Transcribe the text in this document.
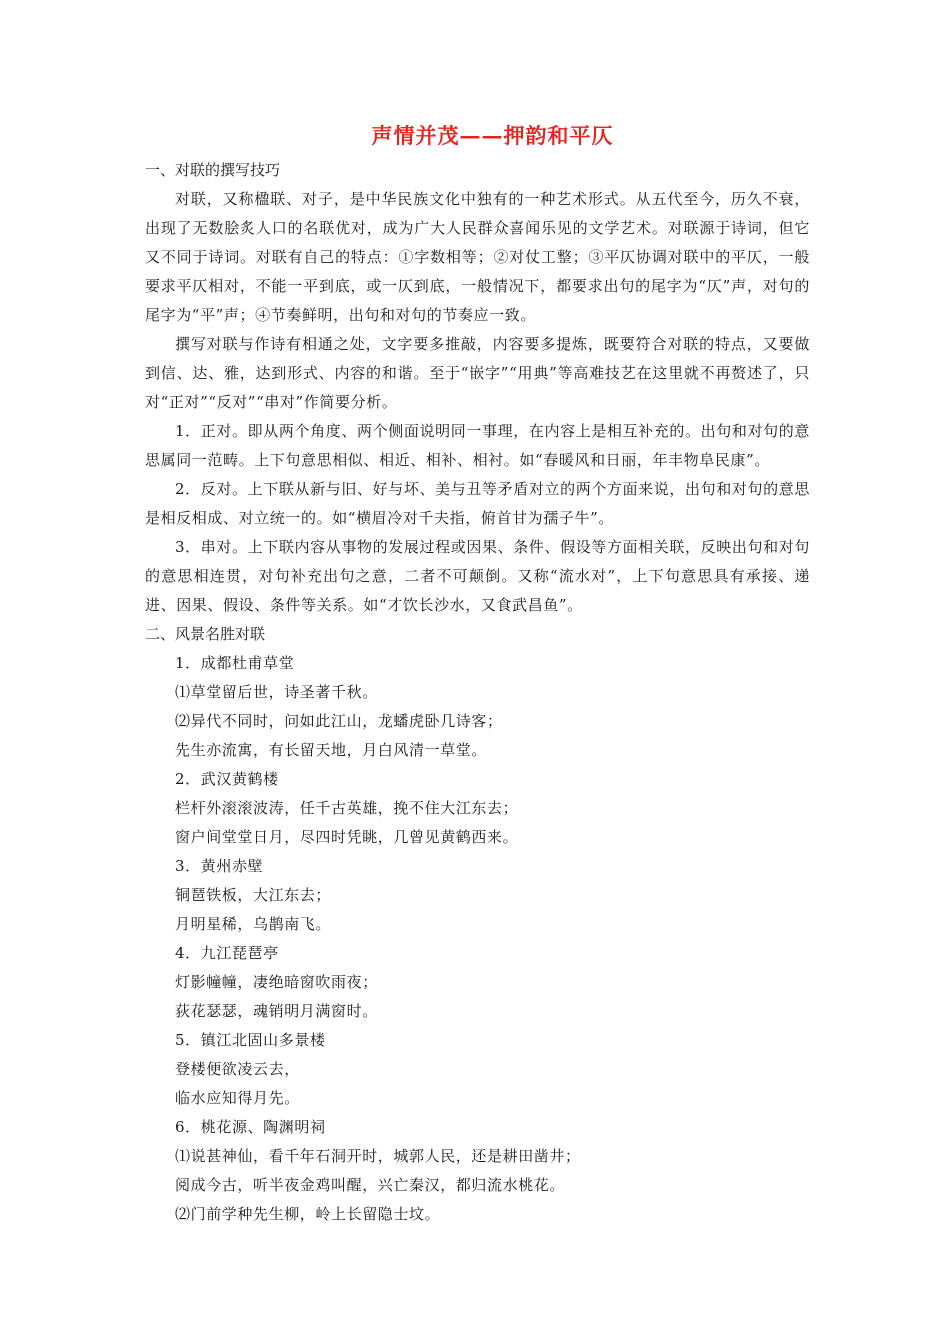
声情并茂——押韵和平仄

一、对联的撰写技巧

对联，又称楹联、对子，是中华民族文化中独有的一种艺术形式。从五代至今，历久不衰，出现了无数脍炙人口的名联优对，成为广大人民群众喜闻乐见的文学艺术。对联源于诗词，但它又不同于诗词。对联有自己的特点：①字数相等；②对仗工整；③平仄协调对联中的平仄，一般要求平仄相对，不能一平到底，或一仄到底，一般情况下，都要求出句的尾字为“仄”声，对句的尾字为“平”声；④节奏鲜明，出句和对句的节奏应一致。

撰写对联与作诗有相通之处，文字要多推敲，内容要多提炼，既要符合对联的特点，又要做到信、达、雅，达到形式、内容的和谐。至于“嵌字”“用典”等高难技艺在这里就不再赘述了，只对“正对”“反对”“串对”作简要分析。

1．正对。即从两个角度、两个侧面说明同一事理，在内容上是相互补充的。出句和对句的意思属同一范畴。上下句意思相似、相近、相补、相衬。如“春暖风和日丽，年丰物阜民康”。

2．反对。上下联从新与旧、好与坏、美与丑等矛盾对立的两个方面来说，出句和对句的意思是相反相成、对立统一的。如“横眉冷对千夫指，俯首甘为孺子牛”。

3．串对。上下联内容从事物的发展过程或因果、条件、假设等方面相关联，反映出句和对句的意思相连贯，对句补充出句之意，二者不可颠倒。又称“流水对”，上下句意思具有承接、递进、因果、假设、条件等关系。如“才饮长沙水，又食武昌鱼”。

二、风景名胜对联

1．成都杜甫草堂

⑴草堂留后世，诗圣著千秋。

⑵异代不同时，问如此江山，龙蟠虎卧几诗客；

先生亦流寓，有长留天地，月白风清一草堂。

2．武汉黄鹤楼

栏杆外滚滚波涛，任千古英雄，挽不住大江东去；

窗户间堂堂日月，尽四时凭眺，几曾见黄鹤西来。

3．黄州赤壁

铜琶铁板，大江东去；

月明星稀，乌鹊南飞。

4．九江琵琶亭

灯影幢幢，凄绝暗窗吹雨夜；

荻花瑟瑟，魂销明月满窗时。

5．镇江北固山多景楼

登楼便欲凌云去，

临水应知得月先。

6．桃花源、陶渊明祠

⑴说甚神仙，看千年石洞开时，城郭人民，还是耕田凿井；

阅成今古，听半夜金鸡叫醒，兴亡秦汉，都归流水桃花。

⑵门前学种先生柳，岭上长留隐士坟。
